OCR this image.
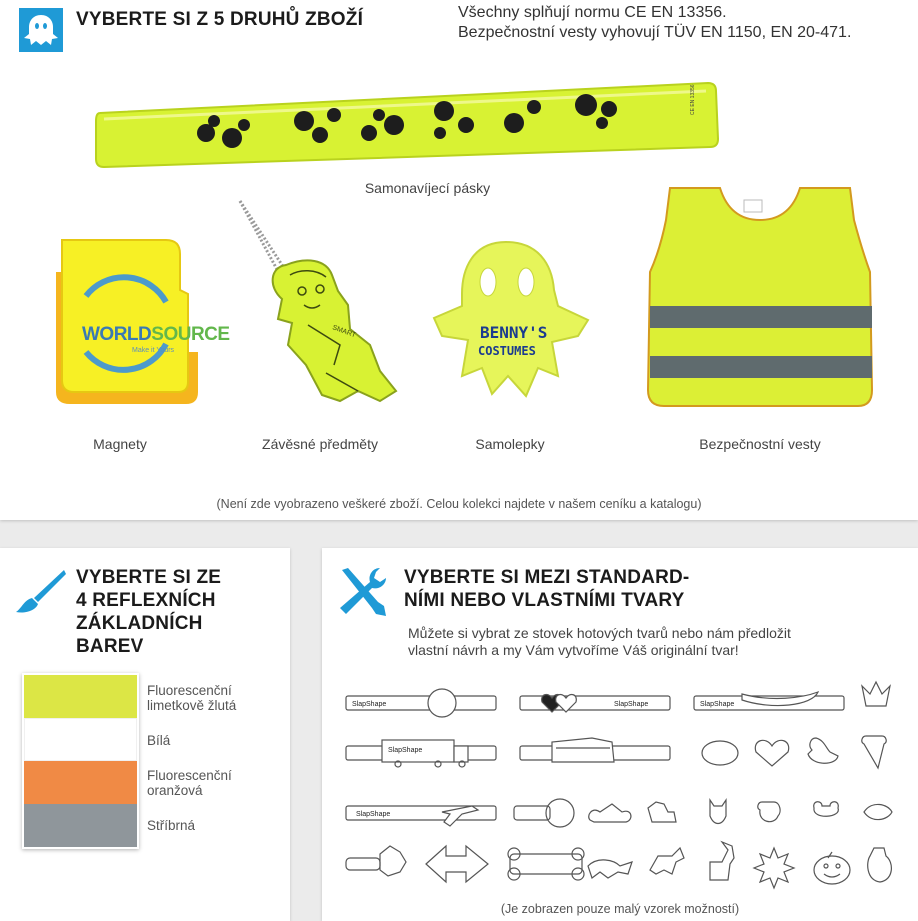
VYBERTE SI Z 5 DRUHŮ ZBOŽÍ	Všechny splňují normu CE EN 13356.
Bezpečnostní vesty vyhovují TÜV EN 1150, EN 20-471.
CE EN 13356
Samonavíjecí pásky
WORLDSOURCE
Make it Yours
Magnety
SMART
Závěsné předměty
BENNY'S
COSTUMES
Samolepky	Bezpečnostní vesty
(Není zde vyobrazeno veškeré zboží. Celou kolekci najdete v našem ceníku a katalogu)
VYBERTE SI ZE
4 REFLEXNÍCH
ZÁKLADNÍCH
BAREV
Fluorescenční
limetkově žlutá
Bílá
Fluorescenční
oranžová
Stříbrná
VYBERTE SI MEZI STANDARD-
NÍMI NEBO VLASTNÍMI TVARY
Můžete si vybrat ze stovek hotových tvarů nebo nám předložit
vlastní návrh a my Vám vytvoříme Váš originální tvar!
SlapShape	SlapShape	SlapShape
SlapShape
SlapShape
(Je zobrazen pouze malý vzorek možností)
